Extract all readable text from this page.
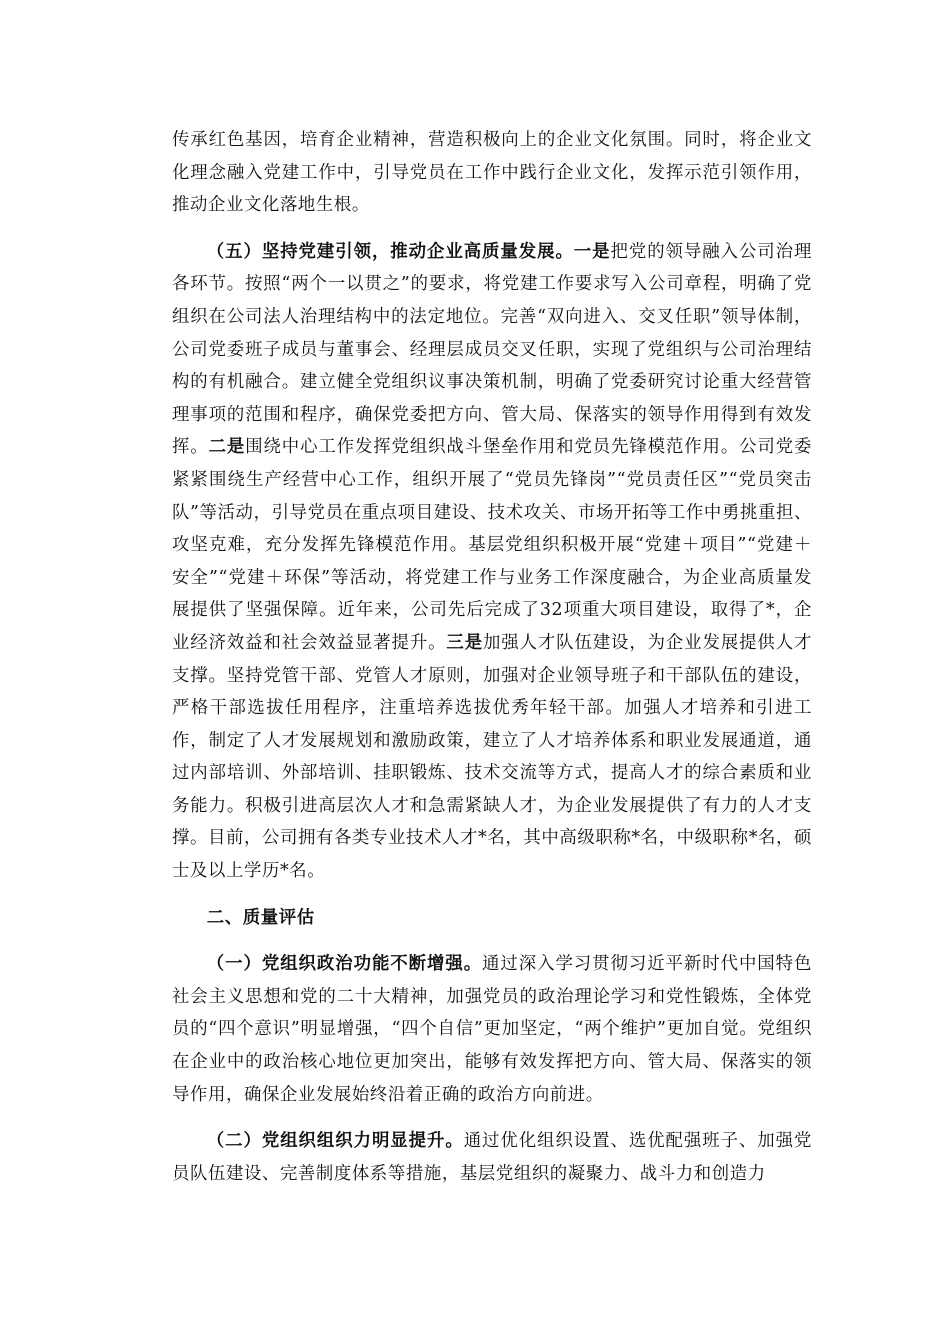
传承红色基因，培育企业精神，营造积极向上的企业文化氛围。同时，将企业文化理念融入党建工作中，引导党员在工作中践行企业文化，发挥示范引领作用，推动企业文化落地生根。

（五）坚持党建引领，推动企业高质量发展。一是把党的领导融入公司治理各环节。按照“两个一以贯之”的要求，将党建工作要求写入公司章程，明确了党组织在公司法人治理结构中的法定地位。完善“双向进入、交叉任职”领导体制，公司党委班子成员与董事会、经理层成员交叉任职，实现了党组织与公司治理结构的有机融合。建立健全党组织议事决策机制，明确了党委研究讨论重大经营管理事项的范围和程序，确保党委把方向、管大局、保落实的领导作用得到有效发挥。二是围绕中心工作发挥党组织战斗堡垒作用和党员先锋模范作用。公司党委紧紧围绕生产经营中心工作，组织开展了“党员先锋岗”“党员责任区”“党员突击队”等活动，引导党员在重点项目建设、技术攻关、市场开拓等工作中勇挑重担、攻坚克难，充分发挥先锋模范作用。基层党组织积极开展“党建＋项目”“党建＋安全”“党建＋环保”等活动，将党建工作与业务工作深度融合，为企业高质量发展提供了坚强保障。近年来，公司先后完成了32项重大项目建设，取得了*，企业经济效益和社会效益显著提升。三是加强人才队伍建设，为企业发展提供人才支撑。坚持党管干部、党管人才原则，加强对企业领导班子和干部队伍的建设，严格干部选拔任用程序，注重培养选拔优秀年轻干部。加强人才培养和引进工作，制定了人才发展规划和激励政策，建立了人才培养体系和职业发展通道，通过内部培训、外部培训、挂职锻炼、技术交流等方式，提高人才的综合素质和业务能力。积极引进高层次人才和急需紧缺人才，为企业发展提供了有力的人才支撑。目前，公司拥有各类专业技术人才*名，其中高级职称*名，中级职称*名，硕士及以上学历*名。

二、质量评估

（一）党组织政治功能不断增强。通过深入学习贯彻习近平新时代中国特色社会主义思想和党的二十大精神，加强党员的政治理论学习和党性锻炼，全体党员的“四个意识”明显增强，“四个自信”更加坚定，“两个维护”更加自觉。党组织在企业中的政治核心地位更加突出，能够有效发挥把方向、管大局、保落实的领导作用，确保企业发展始终沿着正确的政治方向前进。

（二）党组织组织力明显提升。通过优化组织设置、选优配强班子、加强党员队伍建设、完善制度体系等措施，基层党组织的凝聚力、战斗力和创造力
